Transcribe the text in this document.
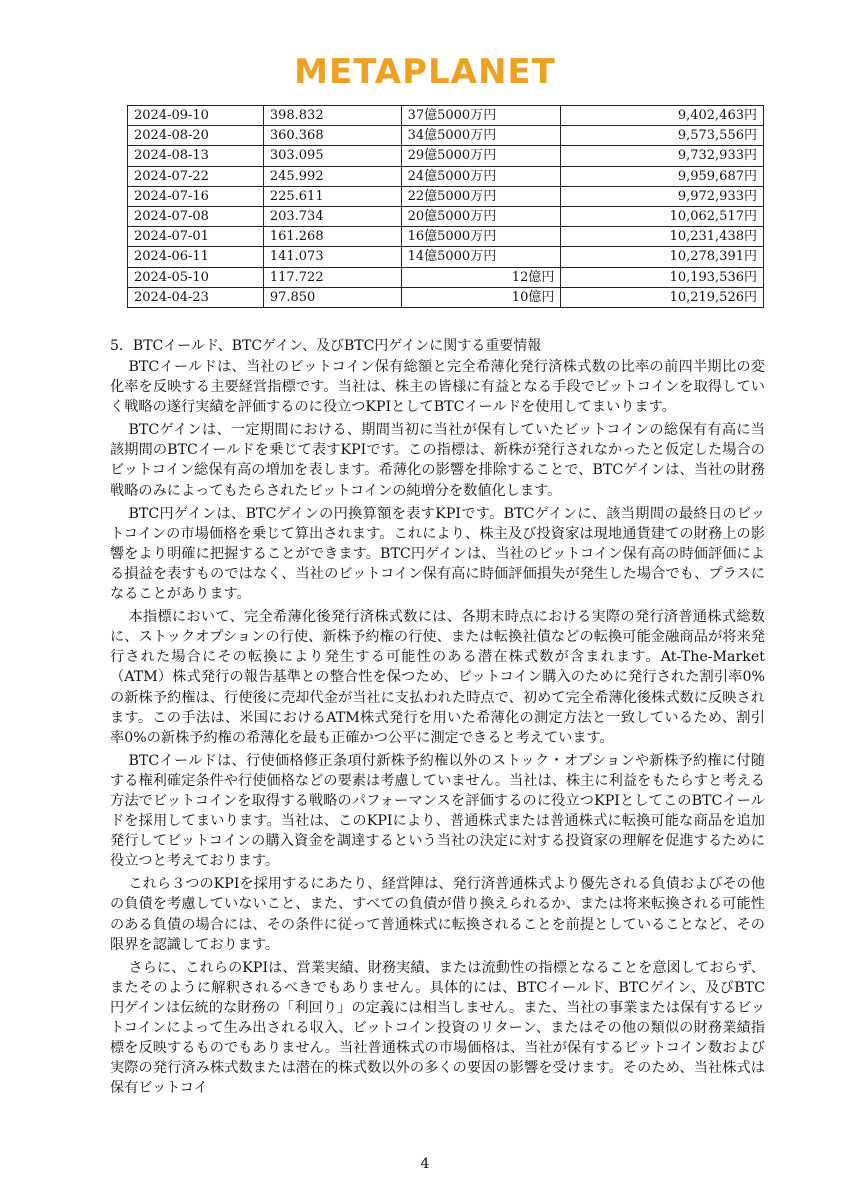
METAPLANET
2024-09-10	398.832	37億5000万円	9,402,463円
2024-08-20	360.368	34億5000万円	9,573,556円
2024-08-13	303.095	29億5000万円	9,732,933円
2024-07-22	245.992	24億5000万円	9,959,687円
2024-07-16	225.611	22億5000万円	9,972,933円
2024-07-08	203.734	20億5000万円	10,062,517円
2024-07-01	161.268	16億5000万円	10,231,438円
2024-06-11	141.073	14億5000万円	10,278,391円
2024-05-10	117.722	12億円	10,193,536円
2024-04-23	97.850	10億円	10,219,526円
5．BTCイールド、BTCゲイン、及びBTC円ゲインに関する重要情報

BTCイールドは、当社のビットコイン保有総額と完全希薄化発行済株式数の比率の前四半期比の変化率を反映する主要経営指標です。当社は、株主の皆様に有益となる手段でビットコインを取得していく戦略の遂行実績を評価するのに役立つKPIとしてBTCイールドを使用してまいります。

BTCゲインは、一定期間における、期間当初に当社が保有していたビットコインの総保有有高に当該期間のBTCイールドを乗じて表すKPIです。この指標は、新株が発行されなかったと仮定した場合のビットコイン総保有高の増加を表します。希薄化の影響を排除することで、BTCゲインは、当社の財務戦略のみによってもたらされたビットコインの純増分を数値化します。

BTC円ゲインは、BTCゲインの円換算額を表すKPIです。BTCゲインに、該当期間の最終日のビットコインの市場価格を乗じて算出されます。これにより、株主及び投資家は現地通貨建ての財務上の影響をより明確に把握することができます。BTC円ゲインは、当社のビットコイン保有高の時価評価による損益を表すものではなく、当社のビットコイン保有高に時価評価損失が発生した場合でも、プラスになることがあります。

本指標において、完全希薄化後発行済株式数には、各期末時点における実際の発行済普通株式総数に、ストックオプションの行使、新株予約権の行使、または転換社債などの転換可能金融商品が将来発行された場合にその転換により発生する可能性のある潜在株式数が含まれます。At-The-Market（ATM）株式発行の報告基準との整合性を保つため、ビットコイン購入のために発行された割引率0%の新株予約権は、行使後に売却代金が当社に支払われた時点で、初めて完全希薄化後株式数に反映されます。この手法は、米国におけるATM株式発行を用いた希薄化の測定方法と一致しているため、割引率0%の新株予約権の希薄化を最も正確かつ公平に測定できると考えています。

BTCイールドは、行使価格修正条項付新株予約権以外のストック・オプションや新株予約権に付随する権利確定条件や行使価格などの要素は考慮していません。当社は、株主に利益をもたらすと考える方法でビットコインを取得する戦略のパフォーマンスを評価するのに役立つKPIとしてこのBTCイールドを採用してまいります。当社は、このKPIにより、普通株式または普通株式に転換可能な商品を追加発行してビットコインの購入資金を調達するという当社の決定に対する投資家の理解を促進するために役立つと考えております。

これら３つのKPIを採用するにあたり、経営陣は、発行済普通株式より優先される負債およびその他の負債を考慮していないこと、また、すべての負債が借り換えられるか、または将来転換される可能性のある負債の場合には、その条件に従って普通株式に転換されることを前提としていることなど、その限界を認識しております。

さらに、これらのKPIは、営業実績、財務実績、または流動性の指標となることを意図しておらず、またそのように解釈されるべきでもありません。具体的には、BTCイールド、BTCゲイン、及びBTC円ゲインは伝統的な財務の「利回り」の定義には相当しません。また、当社の事業または保有するビットコインによって生み出される収入、ビットコイン投資のリターン、またはその他の類似の財務業績指標を反映するものでもありません。当社普通株式の市場価格は、当社が保有するビットコイン数および実際の発行済み株式数または潜在的株式数以外の多くの要因の影響を受けます。そのため、当社株式は保有ビットコイ

4
